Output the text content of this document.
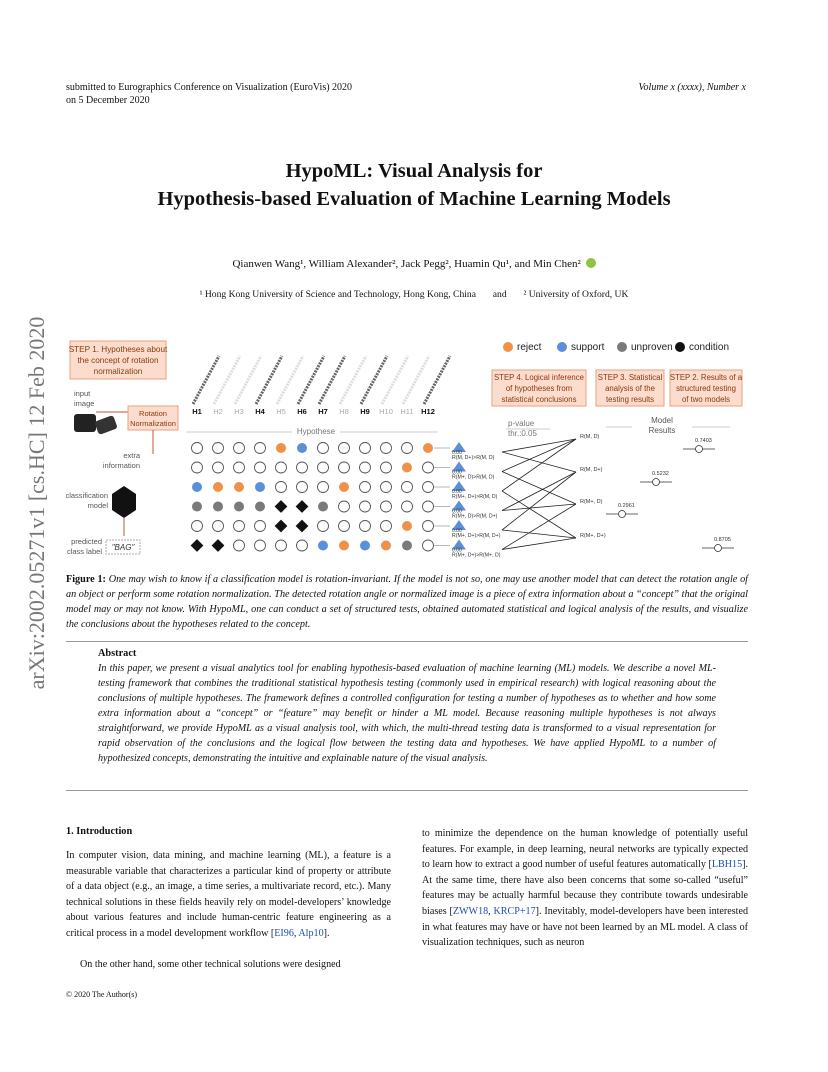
submitted to Eurographics Conference on Visualization (EuroVis) 2020
on 5 December 2020
Volume x (xxxx), Number x
arXiv:2002.05271v1 [cs.HC] 12 Feb 2020
HypoML: Visual Analysis for
Hypothesis-based Evaluation of Machine Learning Models
Qianwen Wang¹, William Alexander², Jack Pegg², Huamin Qu¹, and Min Chen²
¹ Hong Kong University of Science and Technology, Hong Kong, China and ² University of Oxford, UK
STEP 1. Hypotheses about
the concept of rotation
normalization
input
image
Rotation
Normalization
extra
information
classification
model
predicted
class label "BAG"
H1 H2 H3 H4 H5 H6 H7 H8 H9 H10 H11 H12
Hypothese
reject	support	unproven condition
STEP 4. Logical inference
of hypotheses from
statistical conclusions
STEP 3. Statistical
analysis of the
testing results
STEP 2. Results of a
structured testing
of two models
p-value
thr.:0.05
Model
Results
0.00
R(M, D+)>R(M, D)
0.00
R(M+, D)>R(M, D)
0.00
R(M+, D+)>R(M, D)
0.00
R(M+, D)>R(M, D+)
0.00
R(M+, D+)>R(M, D+)
0.00
R(M+, D+)>R(M+, D)
R(M, D)
0.7403
R(M, D+)
0.5232
R(M+, D)
0.2961
R(M+, D+)
0.8705
Figure 1: One may wish to know if a classification model is rotation-invariant. If the model is not so, one may use another model that can detect the rotation angle of an object or perform some rotation normalization. The detected rotation angle or normalized image is a piece of extra information about a “concept” that the original model may or may not know. With HypoML, one can conduct a set of structured tests, obtained automated statistical and logical analysis of the results, and visualize the conclusions about the hypotheses related to the concept.
Abstract
In this paper, we present a visual analytics tool for enabling hypothesis-based evaluation of machine learning (ML) models. We describe a novel ML-testing framework that combines the traditional statistical hypothesis testing (commonly used in empirical research) with logical reasoning about the conclusions of multiple hypotheses. The framework defines a controlled configuration for testing a number of hypotheses as to whether and how some extra information about a “concept” or “feature” may benefit or hinder a ML model. Because reasoning multiple hypotheses is not always straightforward, we provide HypoML as a visual analysis tool, with which, the multi-thread testing data is transformed to a visual representation for rapid observation of the conclusions and the logical flow between the testing data and hypotheses. We have applied HypoML to a number of hypothesized concepts, demonstrating the intuitive and explainable nature of the visual analysis.
1. Introduction
In computer vision, data mining, and machine learning (ML), a feature is a measurable variable that characterizes a particular kind of property or attribute of a data object (e.g., an image, a time series, a multivariate record, etc.). Many technical solutions in these fields heavily rely on model-developers’ knowledge about various features and include human-centric feature engineering as a critical process in a model development workflow [EI96, Alp10].
On the other hand, some other technical solutions were designed
to minimize the dependence on the human knowledge of potentially useful features. For example, in deep learning, neural networks are typically expected to learn how to extract a good number of useful features automatically [LBH15]. At the same time, there have also been concerns that some so-called “useful” features may be actually harmful because they contribute towards undesirable biases [ZWW18, KRCP+17]. Inevitably, model-developers have been interested in what features may have or have not been learned by an ML model. A class of visualization techniques, such as neuron
© 2020 The Author(s)
